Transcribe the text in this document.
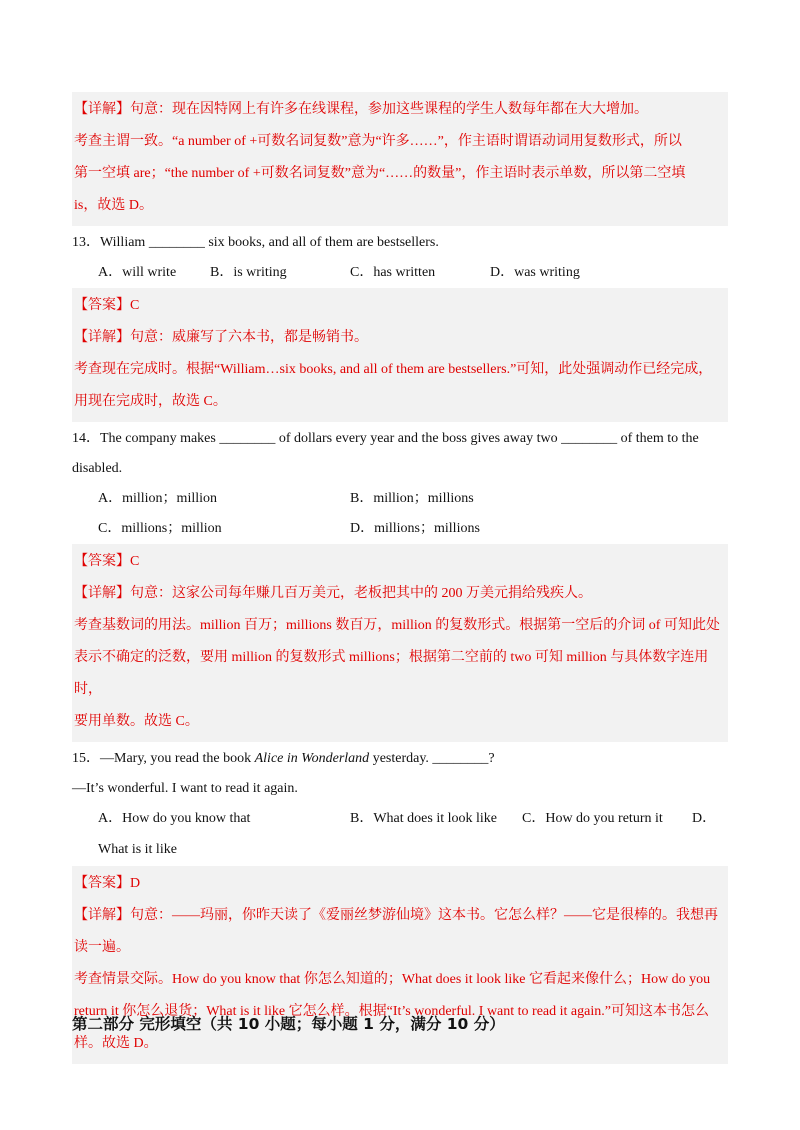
【详解】句意：现在因特网上有许多在线课程，参加这些课程的学生人数每年都在大大增加。

考查主谓一致。“a number of +可数名词复数”意为“许多……”，作主语时谓语动词用复数形式，所以

第一空填 are；“the number of +可数名词复数”意为“……的数量”，作主语时表示单数，所以第二空填

is，故选 D。

13．William ________ six books, and all of them are bestsellers.

A．will write B．is writing	C．has written	D．was writing

【答案】C

【详解】句意：威廉写了六本书，都是畅销书。

考查现在完成时。根据“William…six books, and all of them are bestsellers.”可知，此处强调动作已经完成，

用现在完成时，故选 C。

14．The company makes ________ of dollars every year and the boss gives away two ________ of them to the

disabled.

A．million；million	B．million；millions
C．millions；million	D．millions；millions

【答案】C

【详解】句意：这家公司每年赚几百万美元，老板把其中的 200 万美元捐给残疾人。

考查基数词的用法。million 百万；millions 数百万，million 的复数形式。根据第一空后的介词 of 可知此处

表示不确定的泛数，要用 million 的复数形式 millions；根据第二空前的 two 可知 million 与具体数字连用时，

要用单数。故选 C。

15．—Mary, you read the book Alice in Wonderland yesterday. ________?

—It’s wonderful. I want to read it again.

A．How do you know that	B．What does it look like C．How do you return it D．

What is it like

【答案】D

【详解】句意：——玛丽，你昨天读了《爱丽丝梦游仙境》这本书。它怎么样？——它是很棒的。我想再

读一遍。

考查情景交际。How do you know that 你怎么知道的；What does it look like 它看起来像什么；How do you

return it 你怎么退货；What is it like 它怎么样。根据“It’s wonderful. I want to read it again.”可知这本书怎么

样。故选 D。

第二部分 完形填空（共 10 小题；每小题 1 分，满分 10 分）
